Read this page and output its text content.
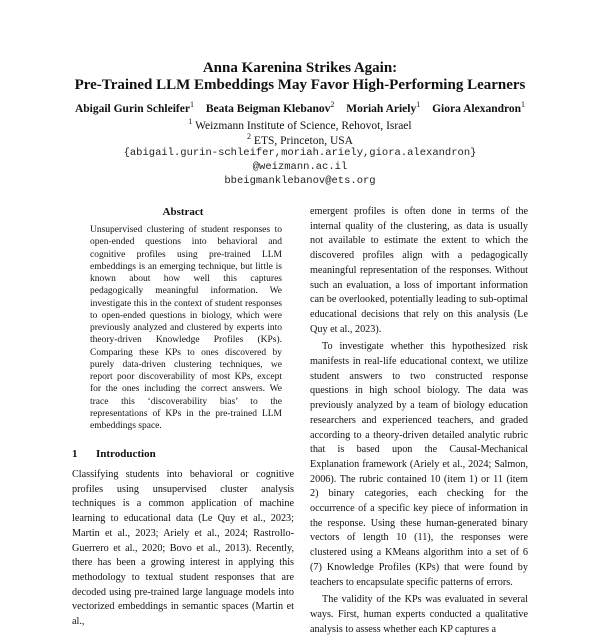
Anna Karenina Strikes Again:
Pre-Trained LLM Embeddings May Favor High-Performing Learners
Abigail Gurin Schleifer$^1$ Beata Beigman Klebanov$^2$ Moriah Ariely$^1$ Giora Alexandron$^1$
$^1$ Weizmann Institute of Science, Rehovot, Israel
$^2$ ETS, Princeton, USA
{abigail.gurin-schleifer,moriah.ariely,giora.alexandron}
@weizmann.ac.il
bbeigmanklebanov@ets.org
Abstract
Unsupervised clustering of student responses to open-ended questions into behavioral and cognitive profiles using pre-trained LLM embeddings is an emerging technique, but little is known about how well this captures pedagogically meaningful information. We investigate this in the context of student responses to open-ended questions in biology, which were previously analyzed and clustered by experts into theory-driven Knowledge Profiles (KPs). Comparing these KPs to ones discovered by purely data-driven clustering techniques, we report poor discoverability of most KPs, except for the ones including the correct answers. We trace this ‘discoverability bias’ to the representations of KPs in the pre-trained LLM embeddings space.
1 Introduction

Classifying students into behavioral or cognitive profiles using unsupervised cluster analysis techniques is a common application of machine learning to educational data (Le Quy et al., 2023; Martin et al., 2023; Ariely et al., 2024; Rastrollo-Guerrero et al., 2020; Bovo et al., 2013). Recently, there has been a growing interest in applying this methodology to textual student responses that are decoded using pre-trained large language models into vectorized embeddings in semantic spaces (Martin et al.,

emergent profiles is often done in terms of the internal quality of the clustering, as data is usually not available to estimate the extent to which the discovered profiles align with a pedagogically meaningful representation of the responses. Without such an evaluation, a loss of important information can be overlooked, potentially leading to sub-optimal educational decisions that rely on this analysis (Le Quy et al., 2023).

To investigate whether this hypothesized risk manifests in real-life educational context, we utilize student answers to two constructed response questions in high school biology. The data was previously analyzed by a team of biology education researchers and experienced teachers, and graded according to a theory-driven detailed analytic rubric that is based upon the Causal-Mechanical Explanation framework (Ariely et al., 2024; Salmon, 2006). The rubric contained 10 (item 1) or 11 (item 2) binary categories, each checking for the occurrence of a specific key piece of information in the response. Using these human-generated binary vectors of length 10 (11), the responses were clustered using a KMeans algorithm into a set of 6 (7) Knowledge Profiles (KPs) that were found by teachers to encapsulate specific patterns of errors.

The validity of the KPs was evaluated in several ways. First, human experts conducted a qualitative analysis to assess whether each KP captures a
